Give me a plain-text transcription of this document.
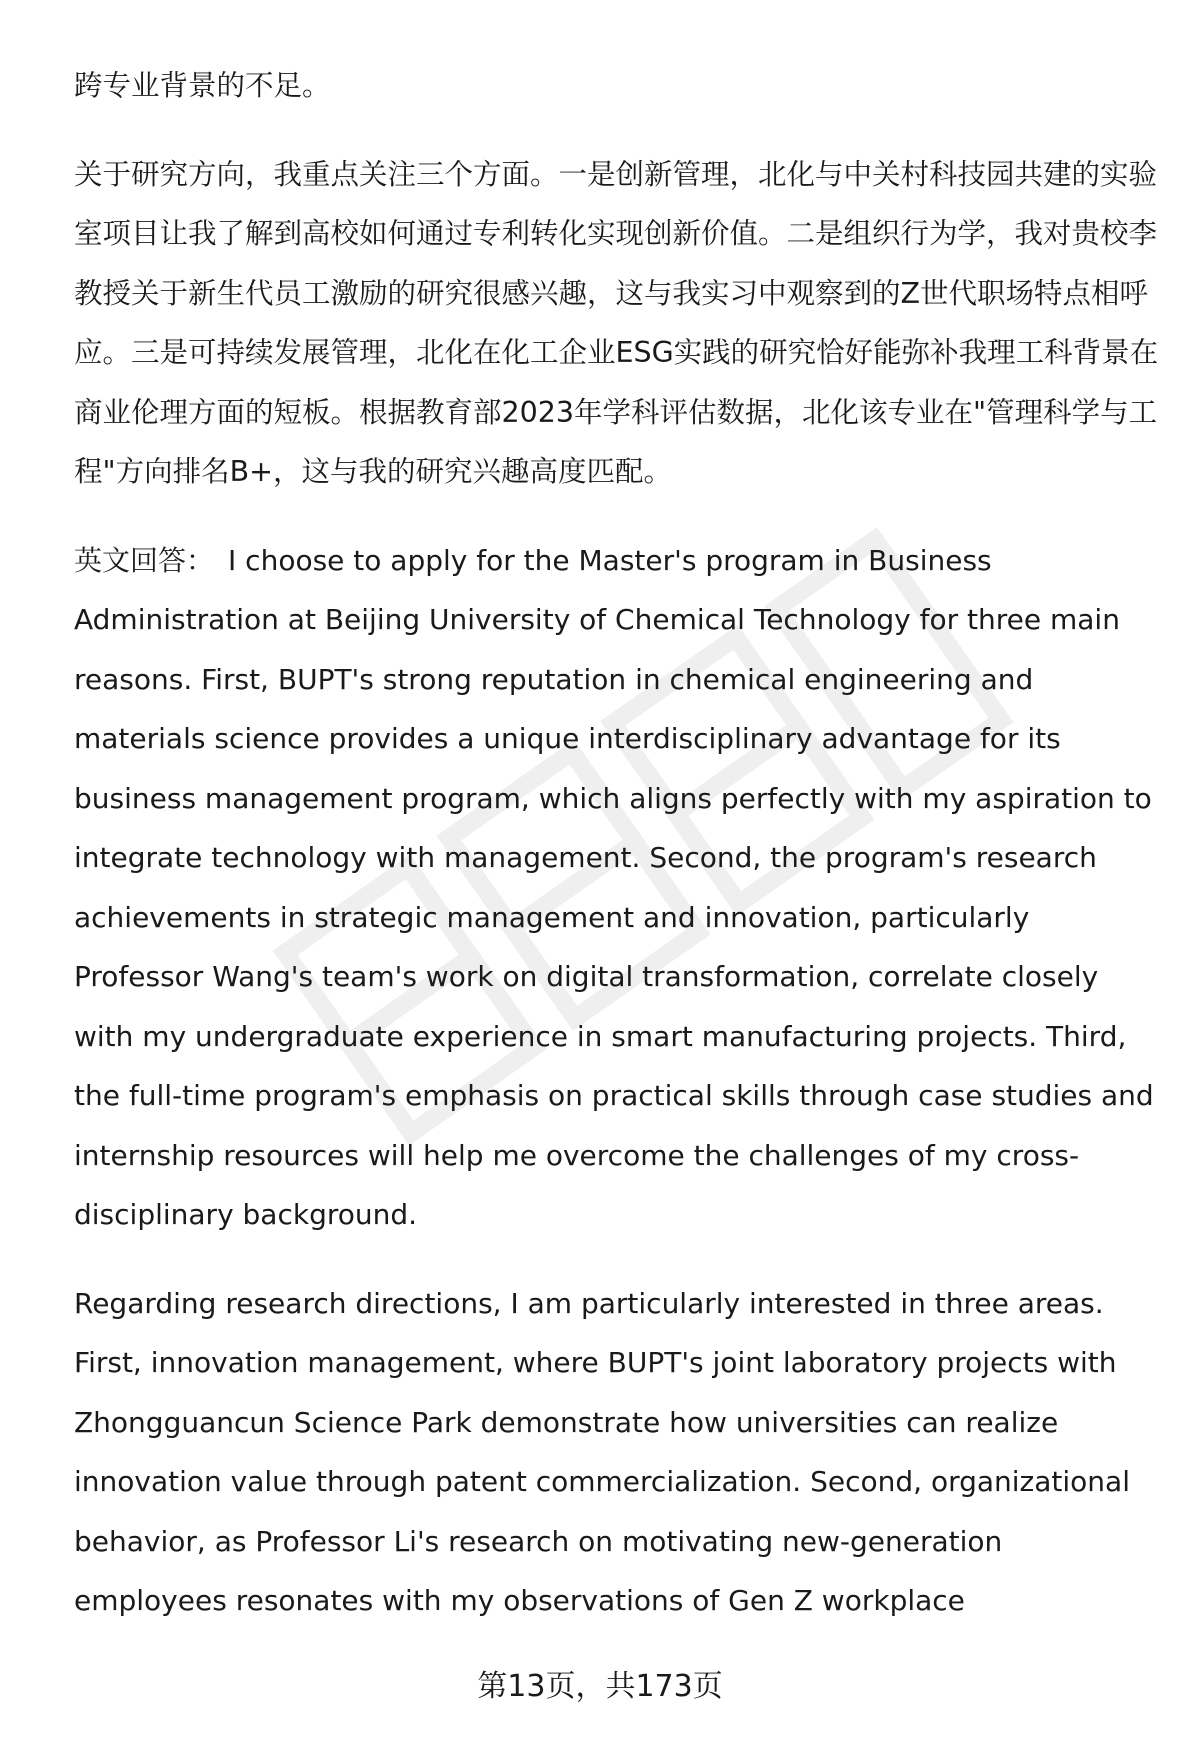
跨专业背景的不足。

关于研究方向，我重点关注三个方面。一是创新管理，北化与中关村科技园共建的实验室项目让我了解到高校如何通过专利转化实现创新价值。二是组织行为学，我对贵校李教授关于新生代员工激励的研究很感兴趣，这与我实习中观察到的Z世代职场特点相呼应。三是可持续发展管理，北化在化工企业ESG实践的研究恰好能弥补我理工科背景在商业伦理方面的短板。根据教育部2023年学科评估数据，北化该专业在"管理科学与工程"方向排名B+，这与我的研究兴趣高度匹配。

英文回答： I choose to apply for the Master's program in Business Administration at Beijing University of Chemical Technology for three main reasons. First, BUPT's strong reputation in chemical engineering and materials science provides a unique interdisciplinary advantage for its business management program, which aligns perfectly with my aspiration to integrate technology with management. Second, the program's research achievements in strategic management and innovation, particularly Professor Wang's team's work on digital transformation, correlate closely with my undergraduate experience in smart manufacturing projects. Third, the full-time program's emphasis on practical skills through case studies and internship resources will help me overcome the challenges of my cross-disciplinary background.

Regarding research directions, I am particularly interested in three areas. First, innovation management, where BUPT's joint laboratory projects with Zhongguancun Science Park demonstrate how universities can realize innovation value through patent commercialization. Second, organizational behavior, as Professor Li's research on motivating new-generation employees resonates with my observations of Gen Z workplace

第13页，共173页
